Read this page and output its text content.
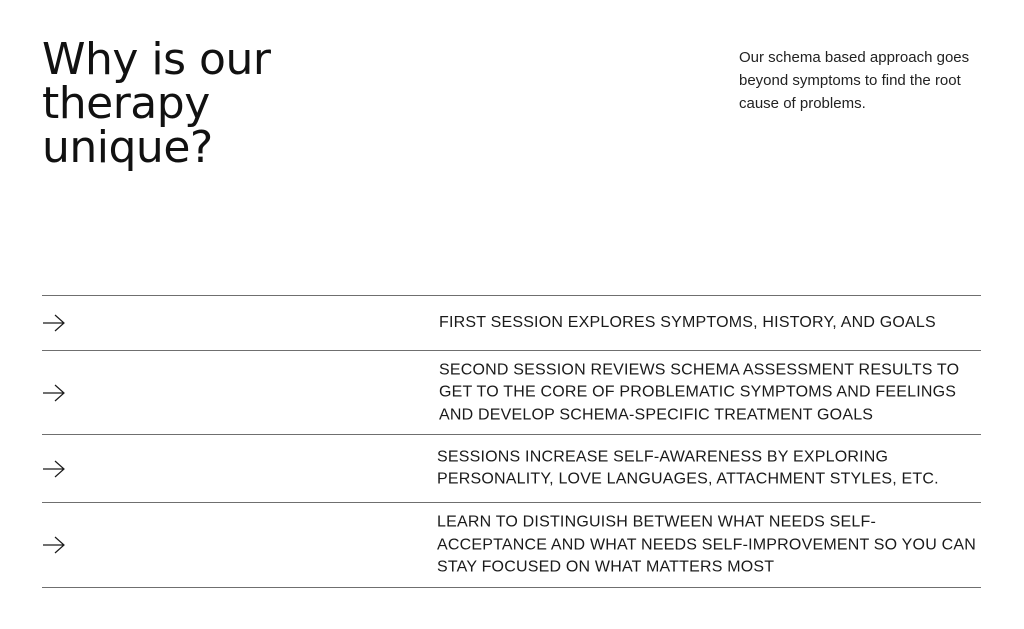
Why is our therapy unique?

Our schema based approach goes beyond symptoms to find the root cause of problems.

FIRST SESSION EXPLORES SYMPTOMS, HISTORY, AND GOALS

SECOND SESSION REVIEWS SCHEMA ASSESSMENT RESULTS TO GET TO THE CORE OF PROBLEMATIC SYMPTOMS AND FEELINGS AND DEVELOP SCHEMA-SPECIFIC TREATMENT GOALS

SESSIONS INCREASE SELF-AWARENESS BY EXPLORING PERSONALITY, LOVE LANGUAGES, ATTACHMENT STYLES, ETC.

LEARN TO DISTINGUISH BETWEEN WHAT NEEDS SELF-ACCEPTANCE AND WHAT NEEDS SELF-IMPROVEMENT SO YOU CAN STAY FOCUSED ON WHAT MATTERS MOST
